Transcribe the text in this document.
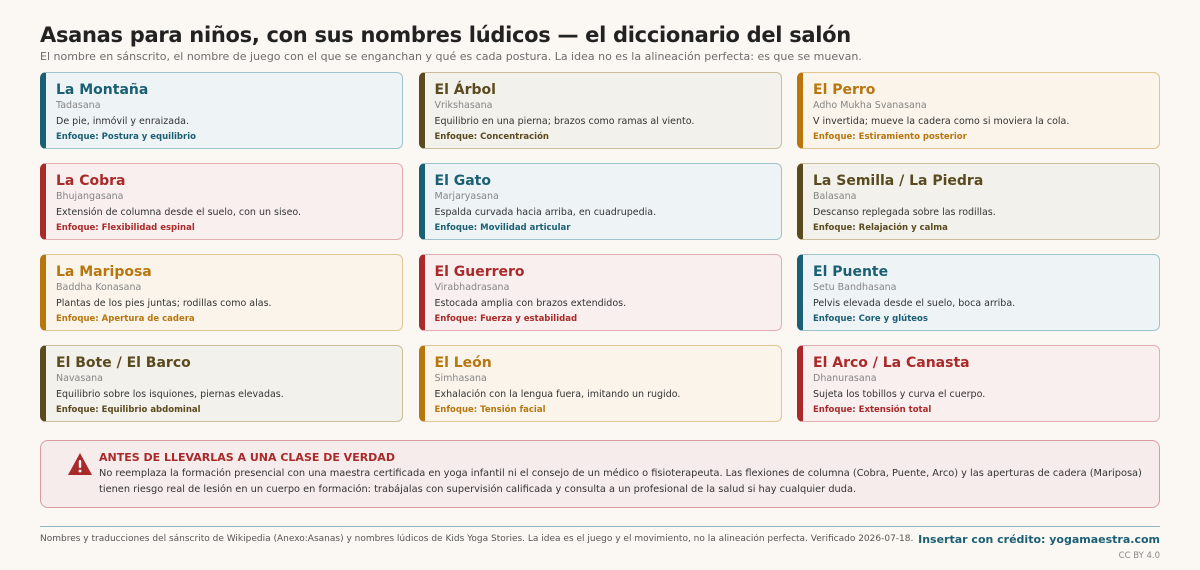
Asanas para niños, con sus nombres lúdicos — el diccionario del salón
El nombre en sánscrito, el nombre de juego con el que se enganchan y qué es cada postura. La idea no es la alineación perfecta: es que se muevan.
La Montaña
Tadasana
De pie, inmóvil y enraizada.
Enfoque: Postura y equilibrio
El Árbol
Vrikshasana
Equilibrio en una pierna; brazos como ramas al viento.
Enfoque: Concentración
El Perro
Adho Mukha Svanasana
V invertida; mueve la cadera como si moviera la cola.
Enfoque: Estiramiento posterior
La Cobra
Bhujangasana
Extensión de columna desde el suelo, con un siseo.
Enfoque: Flexibilidad espinal
El Gato
Marjaryasana
Espalda curvada hacia arriba, en cuadrupedia.
Enfoque: Movilidad articular
La Semilla / La Piedra
Balasana
Descanso replegada sobre las rodillas.
Enfoque: Relajación y calma
La Mariposa
Baddha Konasana
Plantas de los pies juntas; rodillas como alas.
Enfoque: Apertura de cadera
El Guerrero
Virabhadrasana
Estocada amplia con brazos extendidos.
Enfoque: Fuerza y estabilidad
El Puente
Setu Bandhasana
Pelvis elevada desde el suelo, boca arriba.
Enfoque: Core y glúteos
El Bote / El Barco
Navasana
Equilibrio sobre los isquiones, piernas elevadas.
Enfoque: Equilibrio abdominal
El León
Simhasana
Exhalación con la lengua fuera, imitando un rugido.
Enfoque: Tensión facial
El Arco / La Canasta
Dhanurasana
Sujeta los tobillos y curva el cuerpo.
Enfoque: Extensión total
ANTES DE LLEVARLAS A UNA CLASE DE VERDAD
No reemplaza la formación presencial con una maestra certificada en yoga infantil ni el consejo de un médico o fisioterapeuta. Las flexiones de columna (Cobra, Puente, Arco) y las aperturas de cadera (Mariposa) tienen riesgo real de lesión en un cuerpo en formación: trabájalas con supervisión calificada y consulta a un profesional de la salud si hay cualquier duda.
Nombres y traducciones del sánscrito de Wikipedia (Anexo:Asanas) y nombres lúdicos de Kids Yoga Stories. La idea es el juego y el movimiento, no la alineación perfecta. Verificado 2026-07-18. Insertar con crédito: yogamaestra.com
CC BY 4.0
